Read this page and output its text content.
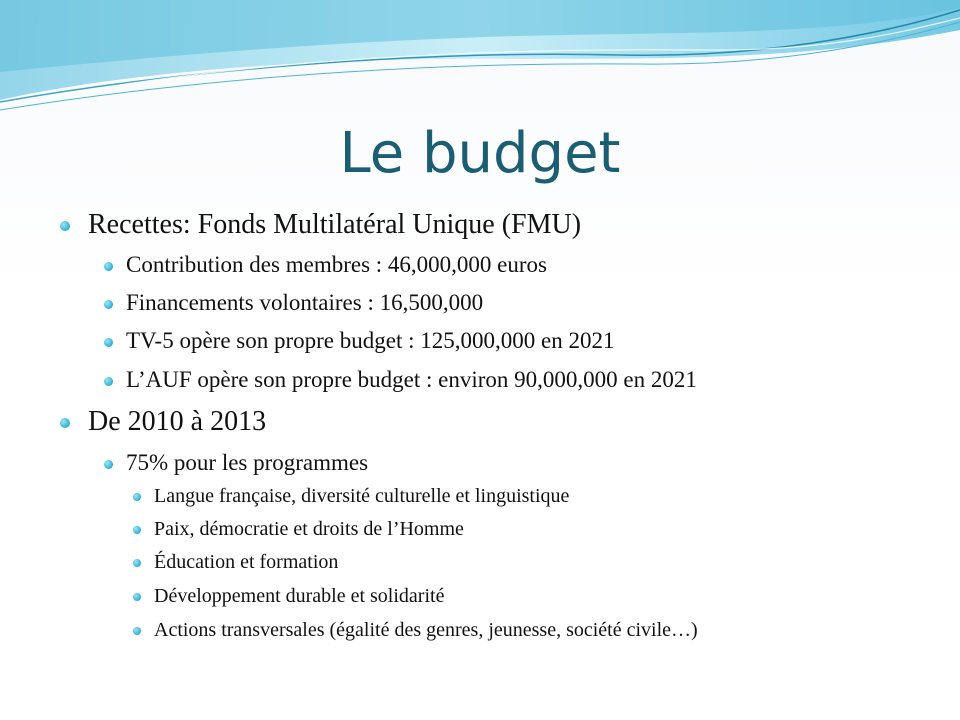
Le budget
Recettes: Fonds Multilatéral Unique (FMU)
Contribution des membres : 46,000,000 euros
Financements volontaires : 16,500,000
TV-5 opère son propre budget : 125,000,000 en 2021
L’AUF opère son propre budget : environ 90,000,000 en 2021
De 2010 à 2013
75% pour les programmes
Langue française, diversité culturelle et linguistique
Paix, démocratie et droits de l’Homme
Éducation et formation
Développement durable et solidarité
Actions transversales (égalité des genres, jeunesse, société civile…)
